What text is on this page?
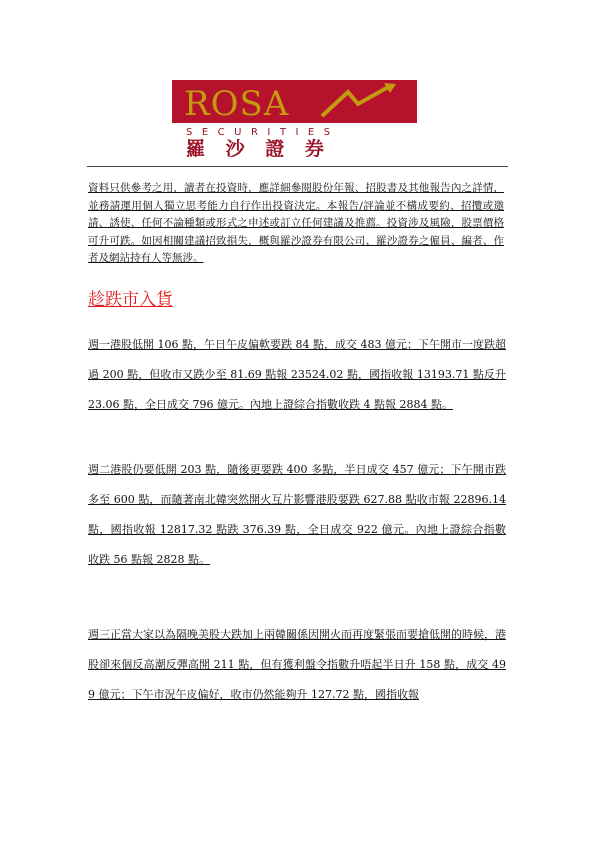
ROSA
SECURITIES
羅 沙 證 券

資料只供參考之用，讀者在投資時，應詳細參閱股份年報、招股書及其他報告內之詳情，並務請運用個人獨立思考能力自行作出投資決定。本報告/評論並不構成要約、招攬或邀請、誘使、任何不論種類或形式之申述或訂立任何建議及推薦。投資涉及風險，股票價格可升可跌。如因相關建議招致損失，概與羅沙證券有限公司、羅沙證券之僱員、編者、作者及網站持有人等無涉。

趁跌市入貨

週一港股低開 106 點，午日午皮偏軟要跌 84 點，成交 483 億元；下午開市一度跌超過 200 點，但收市又跌少至 81.69 點報 23524.02 點，國指收報 13193.71 點反升 23.06 點，全日成交 796 億元。內地上證綜合指數收跌 4 點報 2884 點。

週二港股仍要低開 203 點，隨後更要跌 400 多點，半日成交 457 億元；下午開市跌多至 600 點，而隨著南北韓突然開火互片影響港股要跌 627.88 點收市報 22896.14 點，國指收報 12817.32 點跌 376.39 點，全日成交 922 億元。內地上證綜合指數收跌 56 點報 2828 點。

週三正當大家以為隔晚美股大跌加上兩韓關係因開火而再度緊張而要搶低開的時候，港股卻來個反高潮反彈高開 211 點，但有獲利盤令指數升唔起半日升 158 點，成交 499 億元；下午市況午皮偏好，收市仍然能夠升 127.72 點，國指收報
